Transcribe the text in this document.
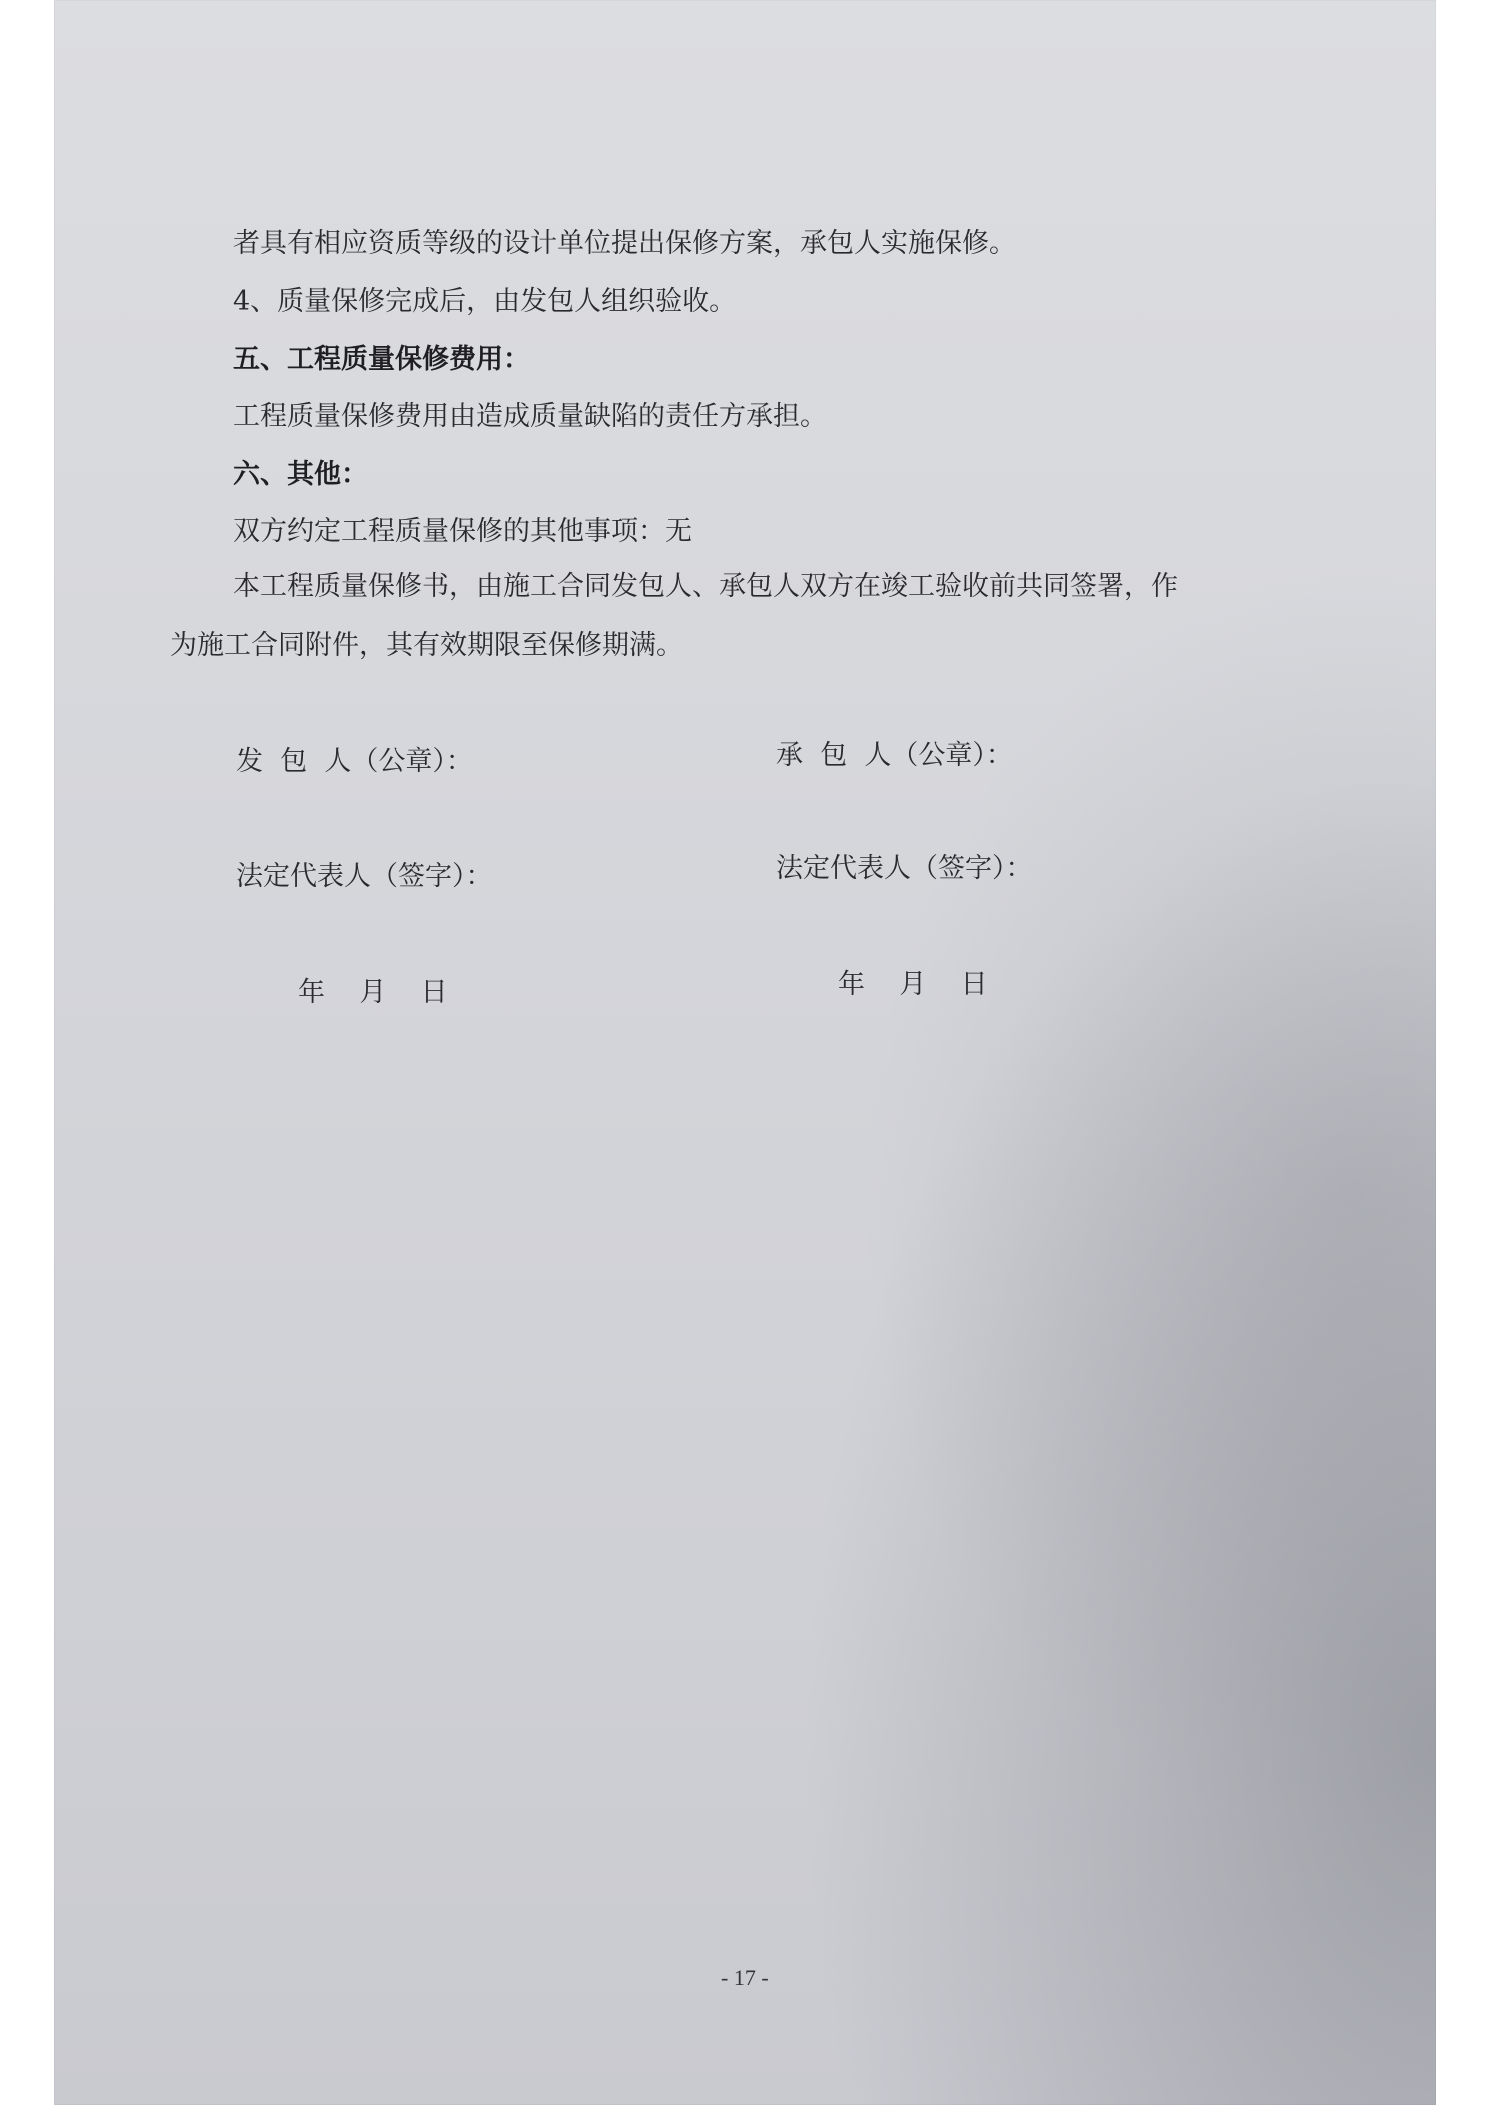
者具有相应资质等级的设计单位提出保修方案，承包人实施保修。
4、质量保修完成后，由发包人组织验收。
五、工程质量保修费用：
工程质量保修费用由造成质量缺陷的责任方承担。
六、其他：
双方约定工程质量保修的其他事项：无
本工程质量保修书，由施工合同发包人、承包人双方在竣工验收前共同签署，作
为施工合同附件，其有效期限至保修期满。
发  包  人（公章）：	承  包  人（公章）：
法定代表人（签字）：	法定代表人（签字）：
年    月    日	年    月    日
- 17 -
